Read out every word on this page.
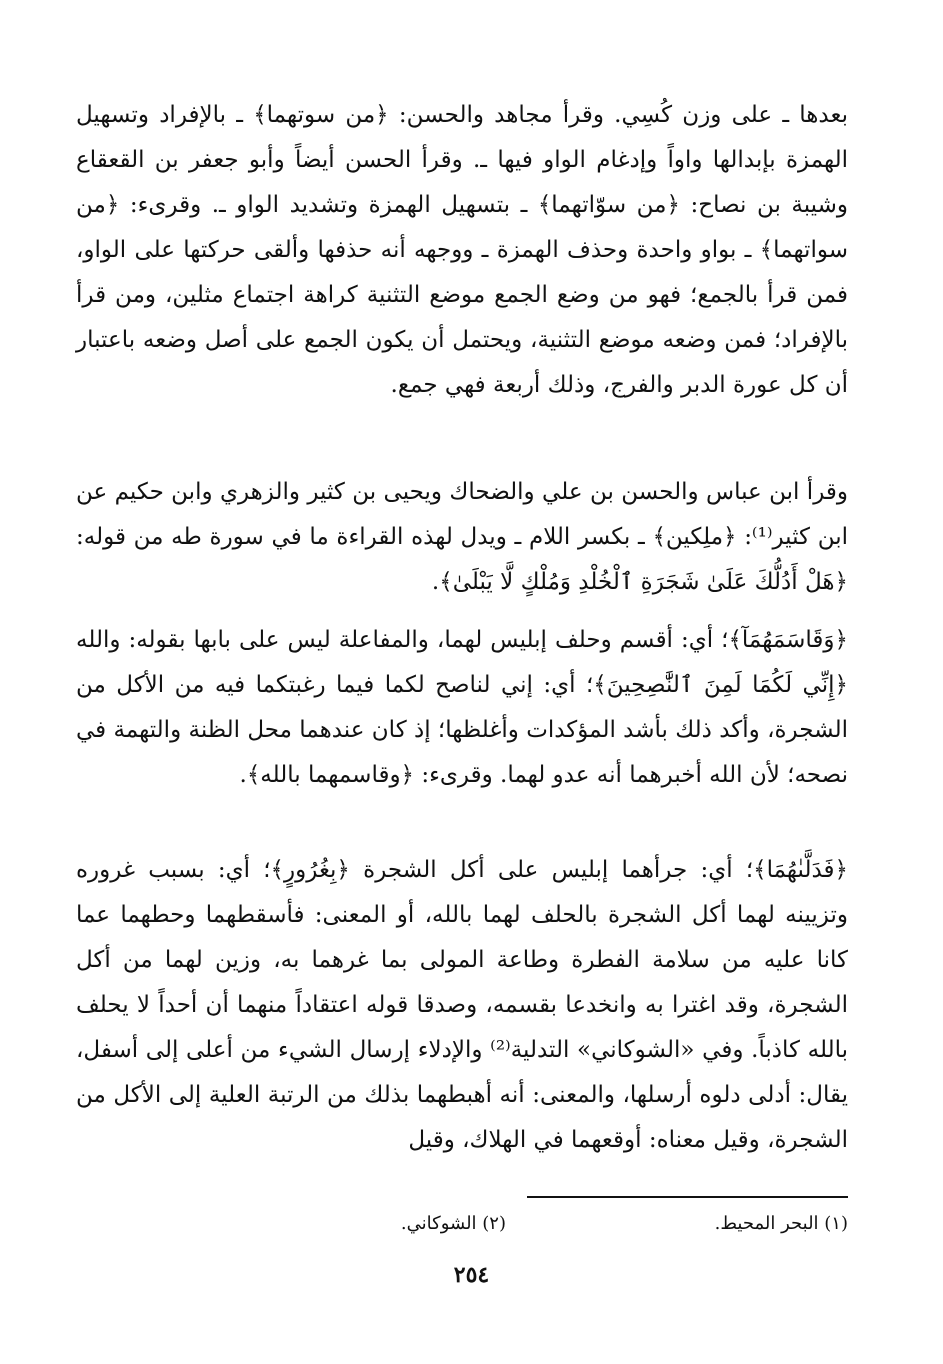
بعدها ـ على وزن كُسِي. وقرأ مجاهد والحسن: ﴿من سوتهما﴾ ـ بالإفراد وتسهيل الهمزة بإبدالها واواً وإدغام الواو فيها ـ. وقرأ الحسن أيضاً وأبو جعفر بن القعقاع وشيبة بن نصاح: ﴿من سوّاتهما﴾ ـ بتسهيل الهمزة وتشديد الواو ـ. وقرىء: ﴿من سواتهما﴾ ـ بواو واحدة وحذف الهمزة ـ ووجهه أنه حذفها وألقى حركتها على الواو، فمن قرأ بالجمع؛ فهو من وضع الجمع موضع التثنية كراهة اجتماع مثلين، ومن قرأ بالإفراد؛ فمن وضعه موضع التثنية، ويحتمل أن يكون الجمع على أصل وضعه باعتبار أن كل عورة الدبر والفرج، وذلك أربعة فهي جمع.

وقرأ ابن عباس والحسن بن علي والضحاك ويحيى بن كثير والزهري وابن حكيم عن ابن كثير⁽¹⁾: ﴿ملِكين﴾ ـ بكسر اللام ـ ويدل لهذه القراءة ما في سورة طه من قوله: ﴿هَلْ أَدُلُّكَ عَلَىٰ شَجَرَةِ ٱلْخُلْدِ وَمُلْكٍ لَّا يَبْلَىٰ﴾.

﴿وَقَاسَمَهُمَآ﴾؛ أي: أقسم وحلف إبليس لهما، والمفاعلة ليس على بابها بقوله: والله ﴿إِنِّي لَكُمَا لَمِنَ ٱلنَّٰصِحِينَ﴾؛ أي: إني لناصح لكما فيما رغبتكما فيه من الأكل من الشجرة، وأكد ذلك بأشد المؤكدات وأغلظها؛ إذ كان عندهما محل الظنة والتهمة في نصحه؛ لأن الله أخبرهما أنه عدو لهما. وقرىء: ﴿وقاسمهما بالله﴾.

﴿فَدَلَّىٰهُمَا﴾؛ أي: جرأهما إبليس على أكل الشجرة ﴿بِغُرُورٍ﴾؛ أي: بسبب غروره وتزيينه لهما أكل الشجرة بالحلف لهما بالله، أو المعنى: فأسقطهما وحطهما عما كانا عليه من سلامة الفطرة وطاعة المولى بما غرهما به، وزين لهما من أكل الشجرة، وقد اغترا به وانخدعا بقسمه، وصدقا قوله اعتقاداً منهما أن أحداً لا يحلف بالله كاذباً. وفي «الشوكاني» التدلية⁽²⁾ والإدلاء إرسال الشيء من أعلى إلى أسفل، يقال: أدلى دلوه أرسلها، والمعنى: أنه أهبطهما بذلك من الرتبة العلية إلى الأكل من الشجرة، وقيل معناه: أوقعهما في الهلاك، وقيل

(١) البحر المحيط.
(٢) الشوكاني.
٢٥٤
